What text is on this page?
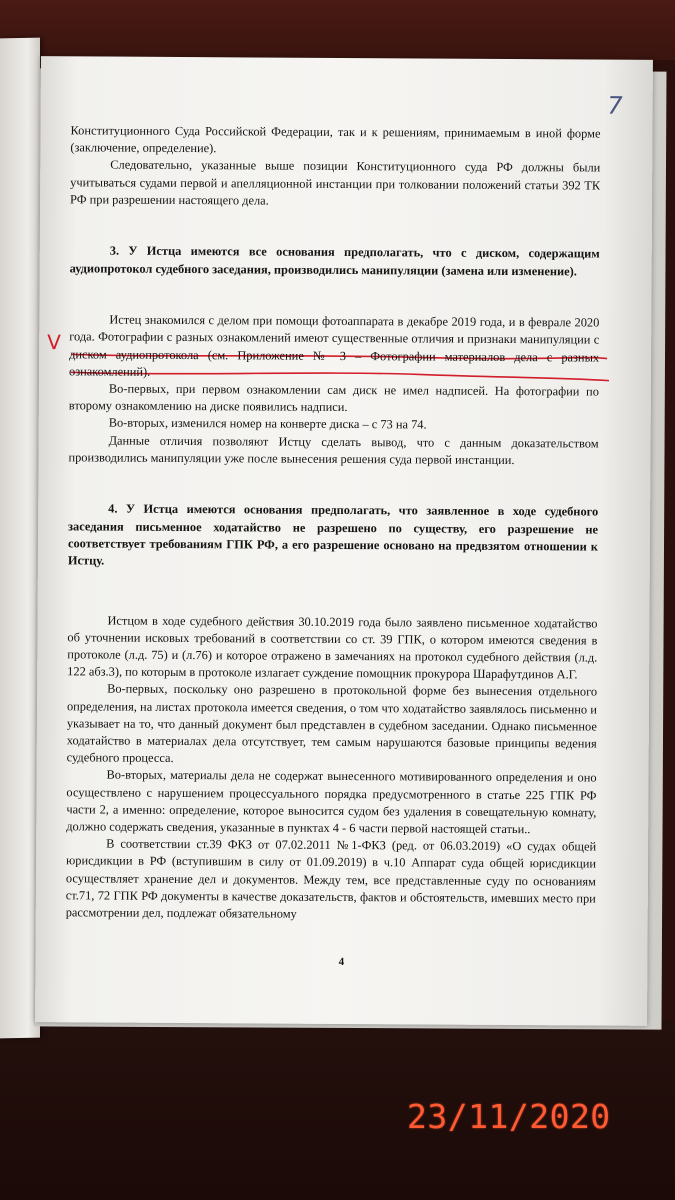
7
V

Конституционного Суда Российской Федерации, так и к решениям, принимаемым в иной форме (заключение, определение).

Следовательно, указанные выше позиции Конституционного суда РФ должны были учитываться судами первой и апелляционной инстанции при толковании положений статьи 392 ТК РФ при разрешении настоящего дела.

3. У Истца имеются все основания предполагать, что с диском, содержащим аудиопротокол судебного заседания, производились манипуляции (замена или изменение).

Истец знакомился с делом при помощи фотоаппарата в декабре 2019 года, и в феврале 2020 года. Фотографии с разных ознакомлений имеют существенные отличия и признаки манипуляции с диском аудиопротокола (см. Приложение № 3 – Фотографии материалов дела с разных ознакомлений).

Во-первых, при первом ознакомлении сам диск не имел надписей. На фотографии по второму ознакомлению на диске появились надписи.

Во-вторых, изменился номер на конверте диска – с 73 на 74.

Данные отличия позволяют Истцу сделать вывод, что с данным доказательством производились манипуляции уже после вынесения решения суда первой инстанции.

4. У Истца имеются основания предполагать, что заявленное в ходе судебного заседания письменное ходатайство не разрешено по существу, его разрешение не соответствует требованиям ГПК РФ, а его разрешение основано на предвзятом отношении к Истцу.

Истцом в ходе судебного действия 30.10.2019 года было заявлено письменное ходатайство об уточнении исковых требований в соответствии со ст. 39 ГПК, о котором имеются сведения в протоколе (л.д. 75) и (л.76) и которое отражено в замечаниях на протокол судебного действия (л.д. 122 абз.3), по которым в протоколе излагает суждение помощник прокурора Шарафутдинов А.Г.

Во-первых, поскольку оно разрешено в протокольной форме без вынесения отдельного определения, на листах протокола имеется сведения, о том что ходатайство заявлялось письменно и указывает на то, что данный документ был представлен в судебном заседании. Однако письменное ходатайство в материалах дела отсутствует, тем самым нарушаются базовые принципы ведения судебного процесса.

Во-вторых, материалы дела не содержат вынесенного мотивированного определения и оно осуществлено с нарушением процессуального порядка предусмотренного в статье 225 ГПК РФ части 2, а именно: определение, которое выносится судом без удаления в совещательную комнату, должно содержать сведения, указанные в пунктах 4 - 6 части первой настоящей статьи..

В соответствии ст.39 ФКЗ от 07.02.2011 №1-ФКЗ (ред. от 06.03.2019) «О судах общей юрисдикции в РФ (вступившим в силу от 01.09.2019) в ч.10 Аппарат суда общей юрисдикции осуществляет хранение дел и документов. Между тем, все представленные суду по основаниям ст.71, 72 ГПК РФ документы в качестве доказательств, фактов и обстоятельств, имевших место при рассмотрении дел, подлежат обязательному

4
23/11/2020
